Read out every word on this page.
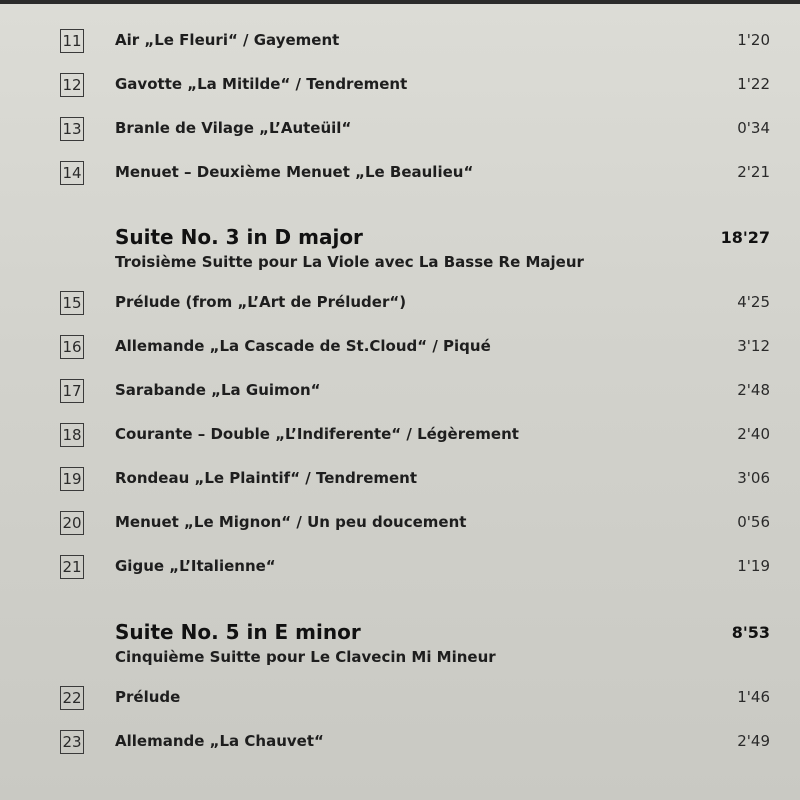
11 Air „Le Fleuri“ / Gayement	1'20
12 Gavotte „La Mitilde“ / Tendrement	1'22
13 Branle de Vilage „L’Auteüil“	0'34
14 Menuet – Deuxième Menuet „Le Beaulieu“	2'21
Suite No. 3 in D major
Troisième Suitte pour La Viole avec La Basse Re Majeur
18'27
15 Prélude (from „L’Art de Préluder“)	4'25
16 Allemande „La Cascade de St.Cloud“ / Piqué	3'12
17 Sarabande „La Guimon“	2'48
18 Courante – Double „L’Indiferente“ / Légèrement	2'40
19 Rondeau „Le Plaintif“ / Tendrement	3'06
20 Menuet „Le Mignon“ / Un peu doucement	0'56
21 Gigue „L’Italienne“	1'19
Suite No. 5 in E minor
Cinquième Suitte pour Le Clavecin Mi Mineur
8'53
22 Prélude	1'46
23 Allemande „La Chauvet“	2'49
